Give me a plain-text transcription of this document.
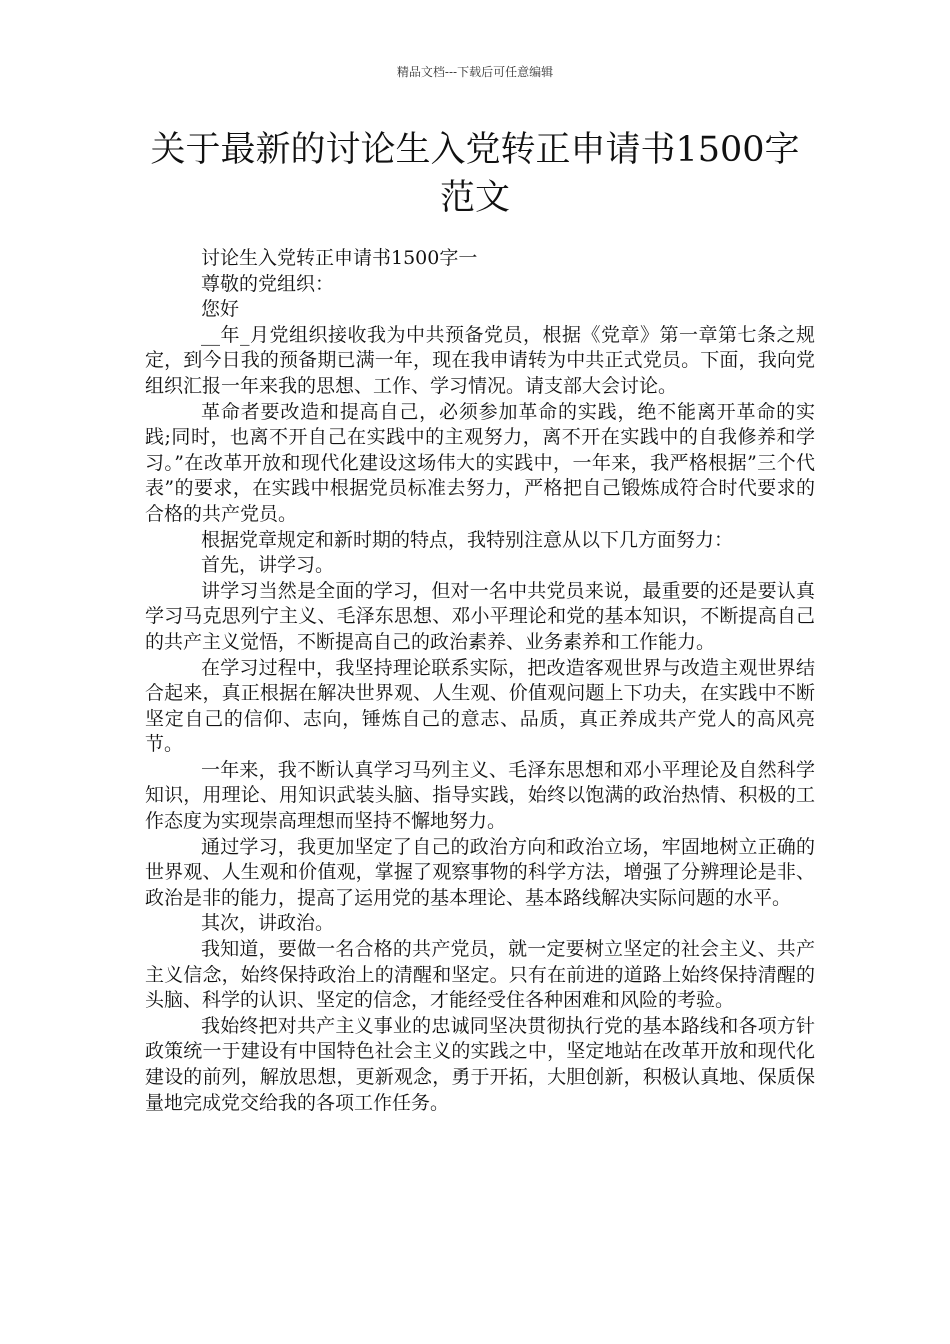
精品文档---下载后可任意编辑
关于最新的讨论生入党转正申请书1500字
范文

讨论生入党转正申请书1500字一

尊敬的党组织：

您好

__年_月党组织接收我为中共预备党员，根据《党章》第一章第七条之规定，到今日我的预备期已满一年，现在我申请转为中共正式党员。下面，我向党组织汇报一年来我的思想、工作、学习情况。请支部大会讨论。

革命者要改造和提高自己，必须参加革命的实践，绝不能离开革命的实践;同时，也离不开自己在实践中的主观努力，离不开在实践中的自我修养和学习。”在改革开放和现代化建设这场伟大的实践中，一年来，我严格根据”三个代表”的要求，在实践中根据党员标准去努力，严格把自己锻炼成符合时代要求的合格的共产党员。

根据党章规定和新时期的特点，我特别注意从以下几方面努力：

首先，讲学习。

讲学习当然是全面的学习，但对一名中共党员来说，最重要的还是要认真学习马克思列宁主义、毛泽东思想、邓小平理论和党的基本知识，不断提高自己的共产主义觉悟，不断提高自己的政治素养、业务素养和工作能力。

在学习过程中，我坚持理论联系实际，把改造客观世界与改造主观世界结合起来，真正根据在解决世界观、人生观、价值观问题上下功夫，在实践中不断坚定自己的信仰、志向，锤炼自己的意志、品质，真正养成共产党人的高风亮节。

一年来，我不断认真学习马列主义、毛泽东思想和邓小平理论及自然科学知识，用理论、用知识武装头脑、指导实践，始终以饱满的政治热情、积极的工作态度为实现崇高理想而坚持不懈地努力。

通过学习，我更加坚定了自己的政治方向和政治立场，牢固地树立正确的世界观、人生观和价值观，掌握了观察事物的科学方法，增强了分辨理论是非、政治是非的能力，提高了运用党的基本理论、基本路线解决实际问题的水平。

其次，讲政治。

我知道，要做一名合格的共产党员，就一定要树立坚定的社会主义、共产主义信念，始终保持政治上的清醒和坚定。只有在前进的道路上始终保持清醒的头脑、科学的认识、坚定的信念，才能经受住各种困难和风险的考验。

我始终把对共产主义事业的忠诚同坚决贯彻执行党的基本路线和各项方针政策统一于建设有中国特色社会主义的实践之中，坚定地站在改革开放和现代化建设的前列，解放思想，更新观念，勇于开拓，大胆创新，积极认真地、保质保量地完成党交给我的各项工作任务。
